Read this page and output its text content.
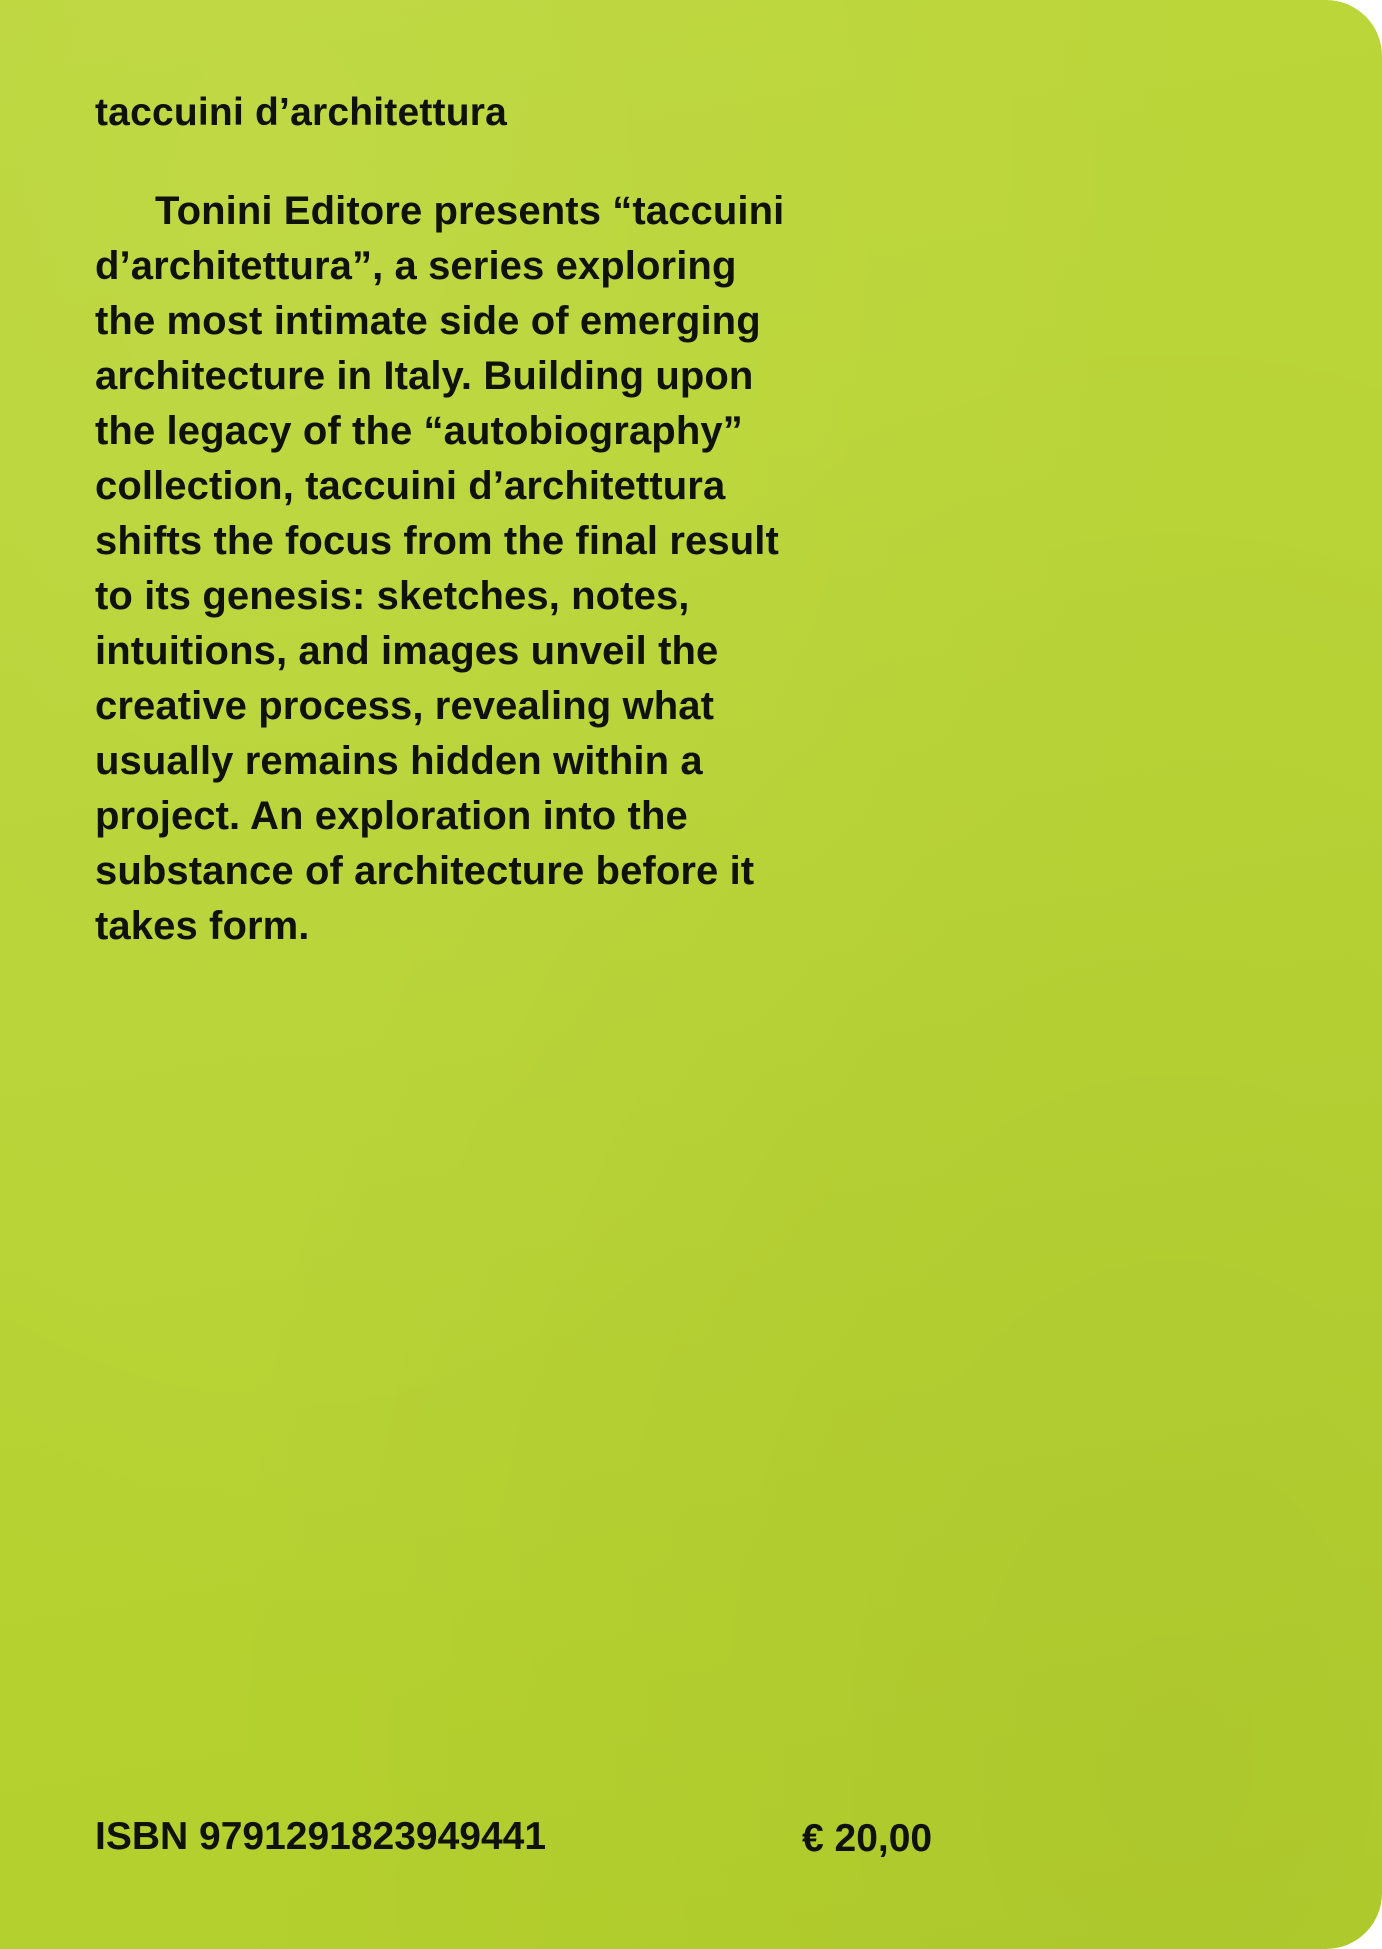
taccuini d’architettura

Tonini Editore presents “taccuini
d’architettura”, a series exploring
the most intimate side of emerging
architecture in Italy. Building upon
the legacy of the “autobiography”
collection, taccuini d’architettura
shifts the focus from the final result
to its genesis: sketches, notes,
intuitions, and images unveil the
creative process, revealing what
usually remains hidden within a
project. An exploration into the
substance of architecture before it
takes form.

ISBN 9791291823949441	€ 20,00
